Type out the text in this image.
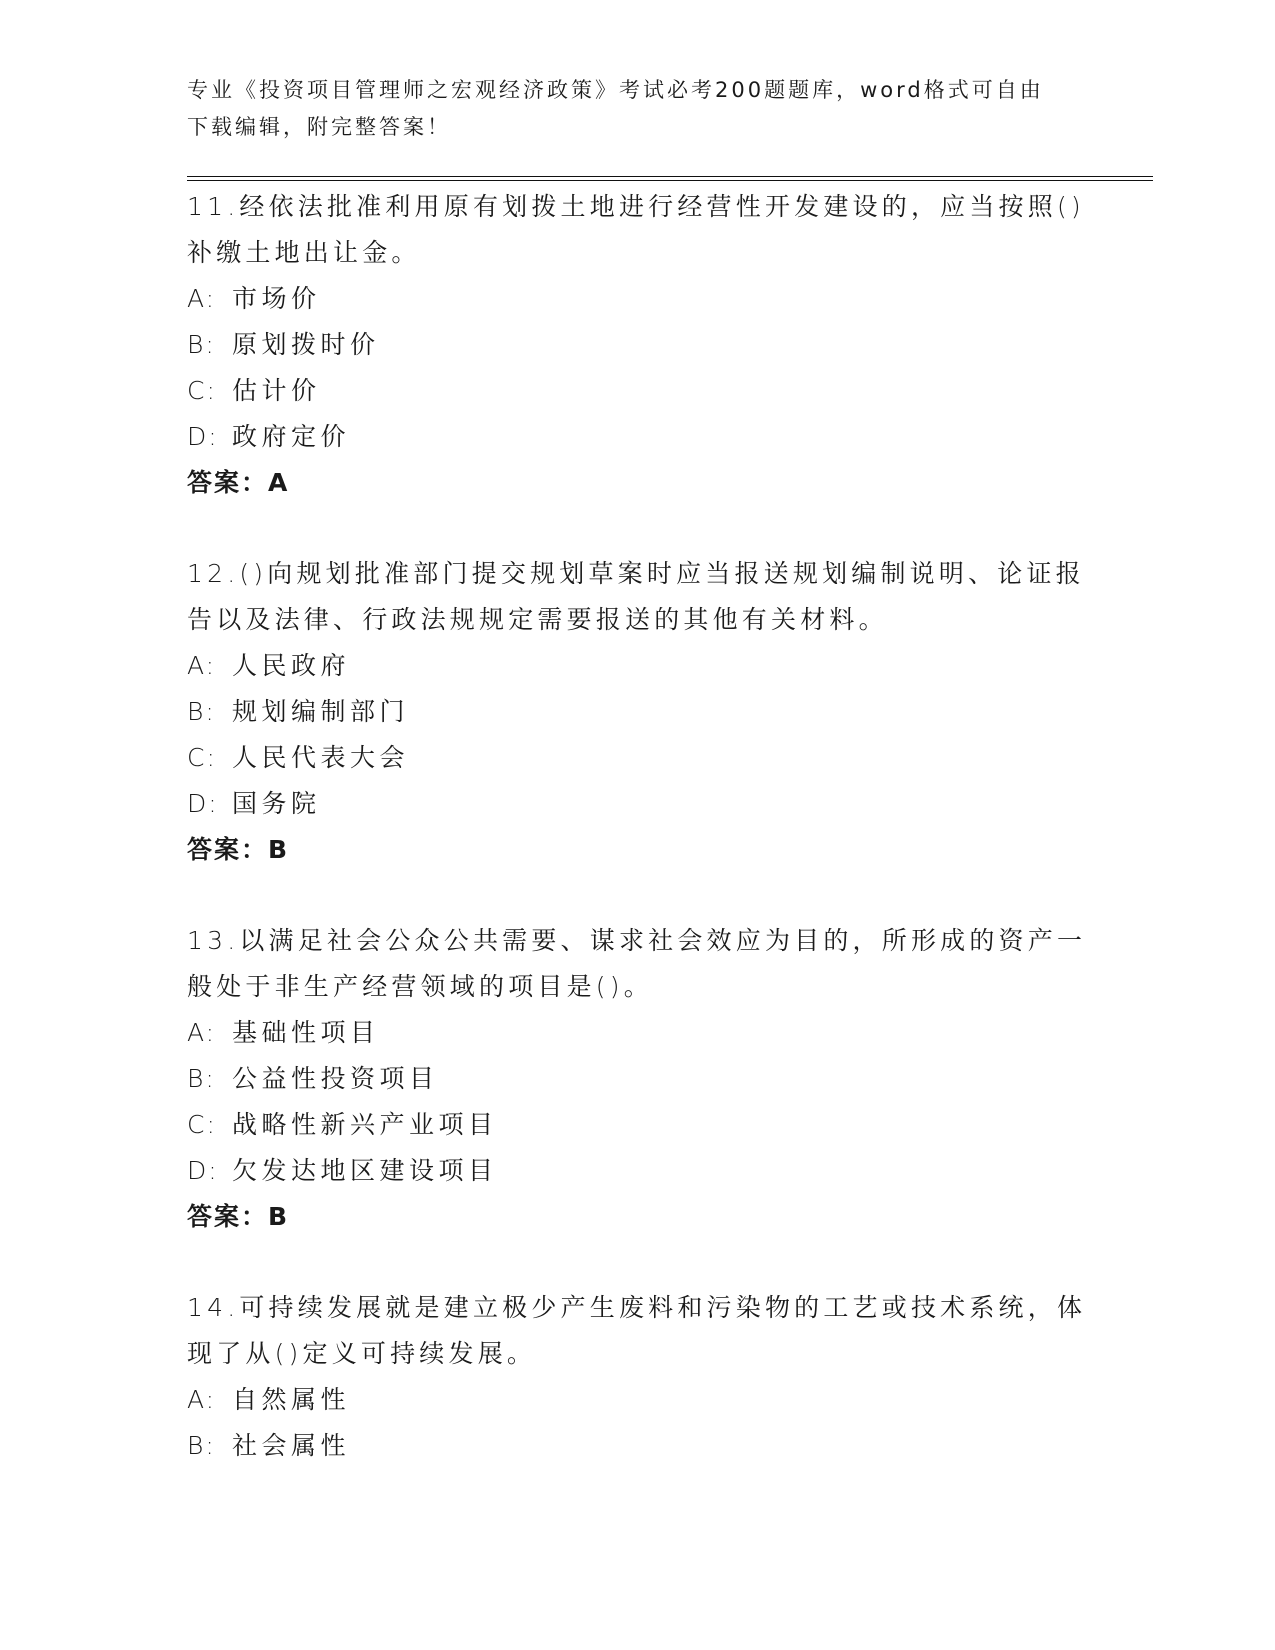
专业《投资项目管理师之宏观经济政策》考试必考200题题库，word格式可自由
下载编辑，附完整答案！

11.经依法批准利用原有划拨土地进行经营性开发建设的，应当按照()补缴土地出让金。

A: 市场价
B: 原划拨时价
C: 估计价
D: 政府定价

答案：A

12.()向规划批准部门提交规划草案时应当报送规划编制说明、论证报告以及法律、行政法规规定需要报送的其他有关材料。

A: 人民政府
B: 规划编制部门
C: 人民代表大会
D: 国务院

答案：B

13.以满足社会公众公共需要、谋求社会效应为目的，所形成的资产一般处于非生产经营领域的项目是()。

A: 基础性项目
B: 公益性投资项目
C: 战略性新兴产业项目
D: 欠发达地区建设项目

答案：B

14.可持续发展就是建立极少产生废料和污染物的工艺或技术系统，体现了从()定义可持续发展。

A: 自然属性
B: 社会属性
